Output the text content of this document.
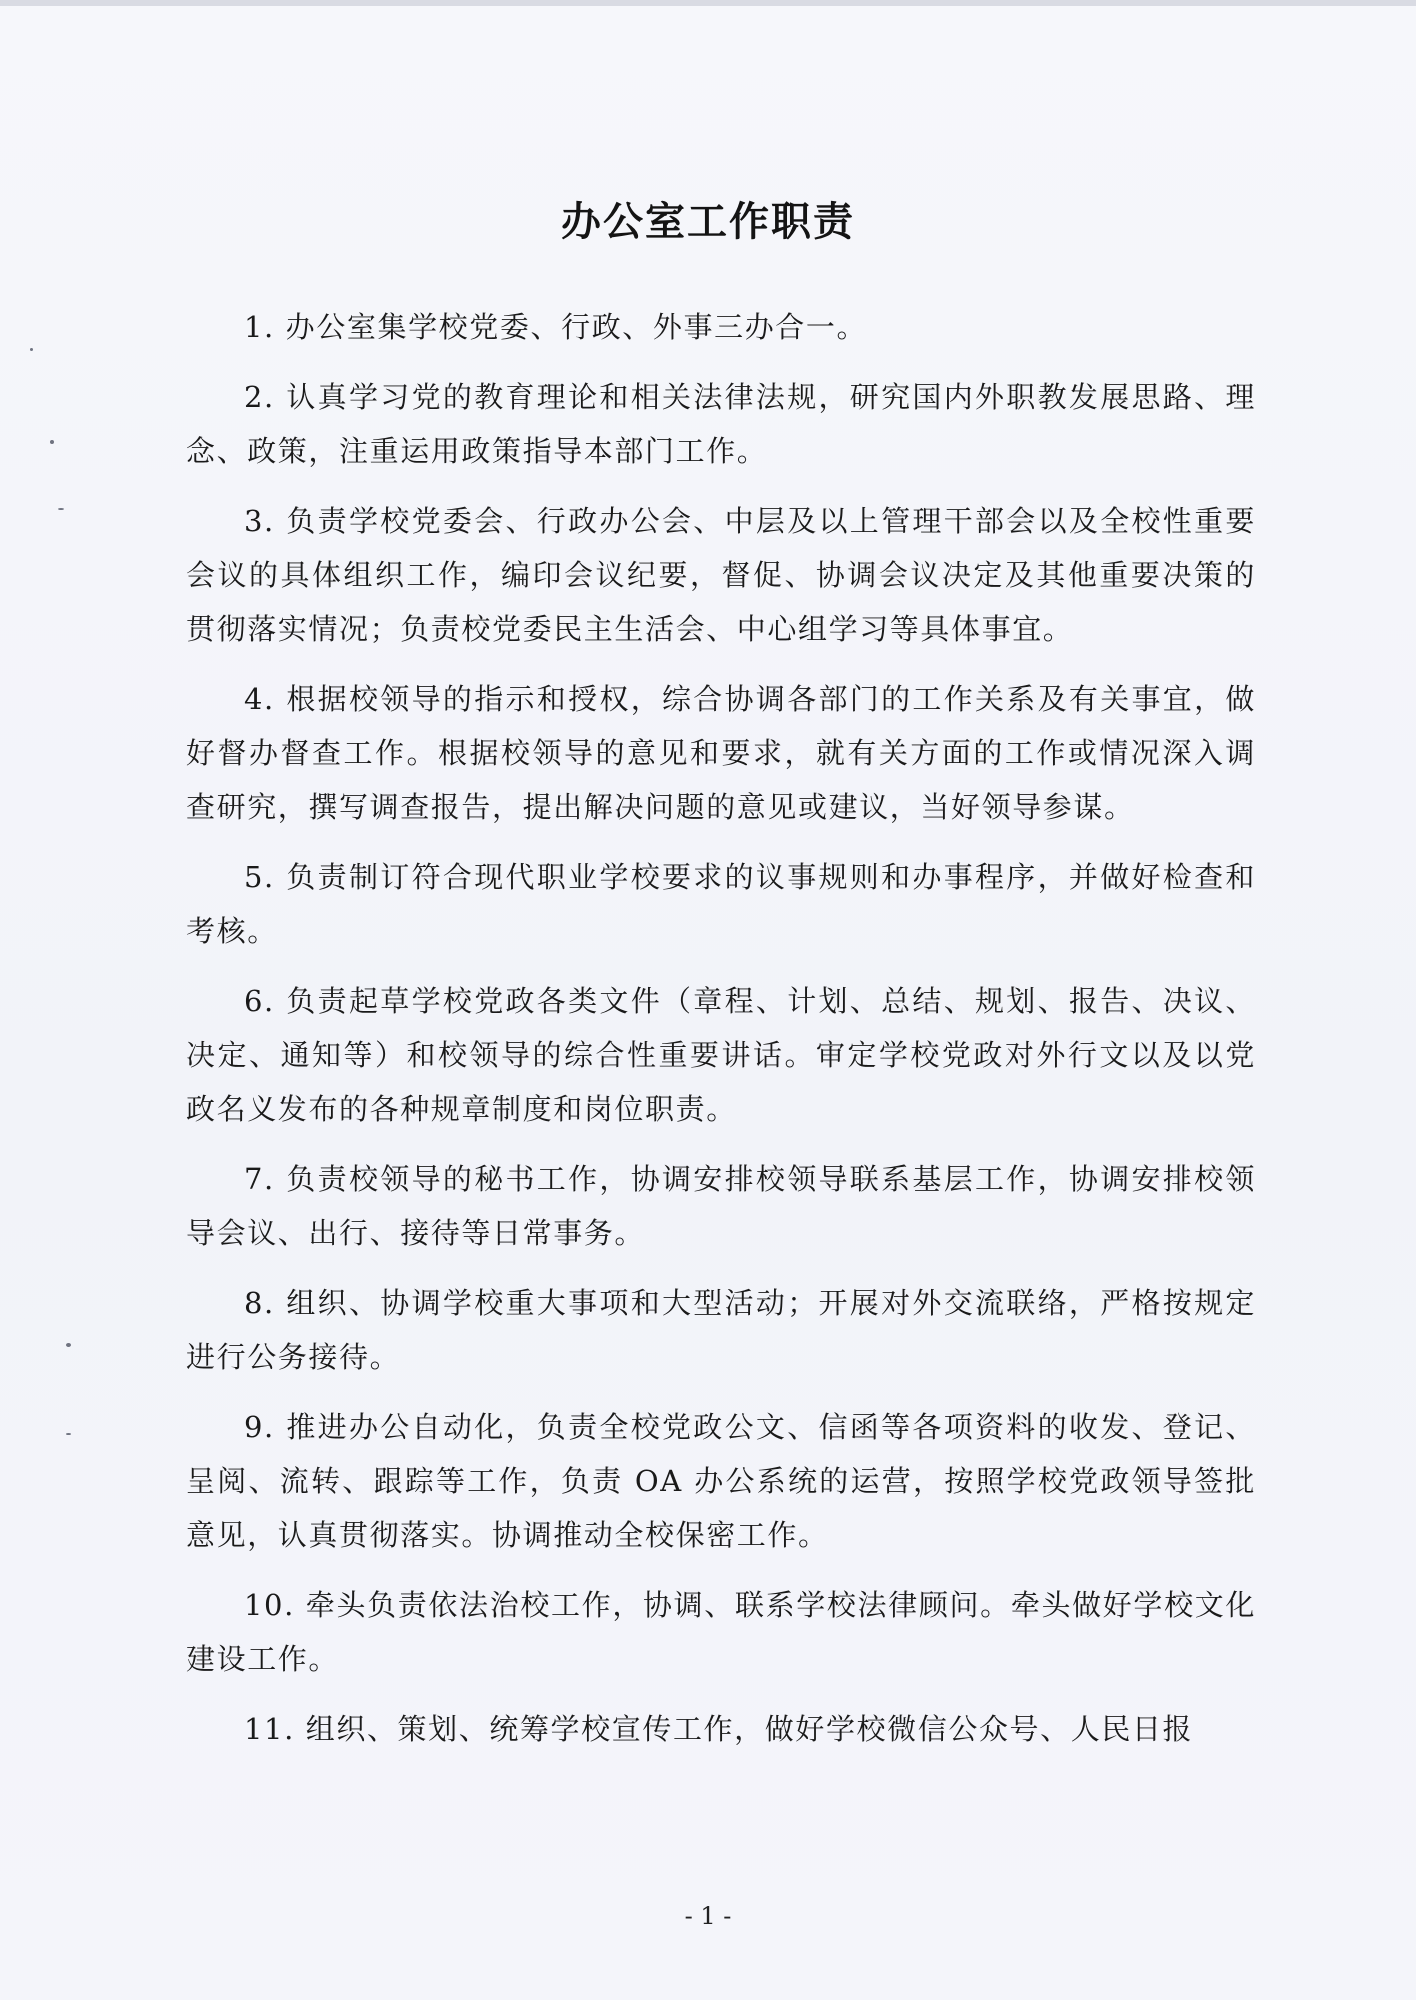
办公室工作职责

1. 办公室集学校党委、行政、外事三办合一。

2. 认真学习党的教育理论和相关法律法规，研究国内外职教发展思路、理念、政策，注重运用政策指导本部门工作。

3. 负责学校党委会、行政办公会、中层及以上管理干部会以及全校性重要会议的具体组织工作，编印会议纪要，督促、协调会议决定及其他重要决策的贯彻落实情况；负责校党委民主生活会、中心组学习等具体事宜。

4. 根据校领导的指示和授权，综合协调各部门的工作关系及有关事宜，做好督办督查工作。根据校领导的意见和要求，就有关方面的工作或情况深入调查研究，撰写调查报告，提出解决问题的意见或建议，当好领导参谋。

5. 负责制订符合现代职业学校要求的议事规则和办事程序，并做好检查和考核。

6. 负责起草学校党政各类文件（章程、计划、总结、规划、报告、决议、决定、通知等）和校领导的综合性重要讲话。审定学校党政对外行文以及以党政名义发布的各种规章制度和岗位职责。

7. 负责校领导的秘书工作，协调安排校领导联系基层工作，协调安排校领导会议、出行、接待等日常事务。

8. 组织、协调学校重大事项和大型活动；开展对外交流联络，严格按规定进行公务接待。

9. 推进办公自动化，负责全校党政公文、信函等各项资料的收发、登记、呈阅、流转、跟踪等工作，负责 OA 办公系统的运营，按照学校党政领导签批意见，认真贯彻落实。协调推动全校保密工作。

10. 牵头负责依法治校工作，协调、联系学校法律顾问。牵头做好学校文化建设工作。

11. 组织、策划、统筹学校宣传工作，做好学校微信公众号、人民日报

- 1 -
